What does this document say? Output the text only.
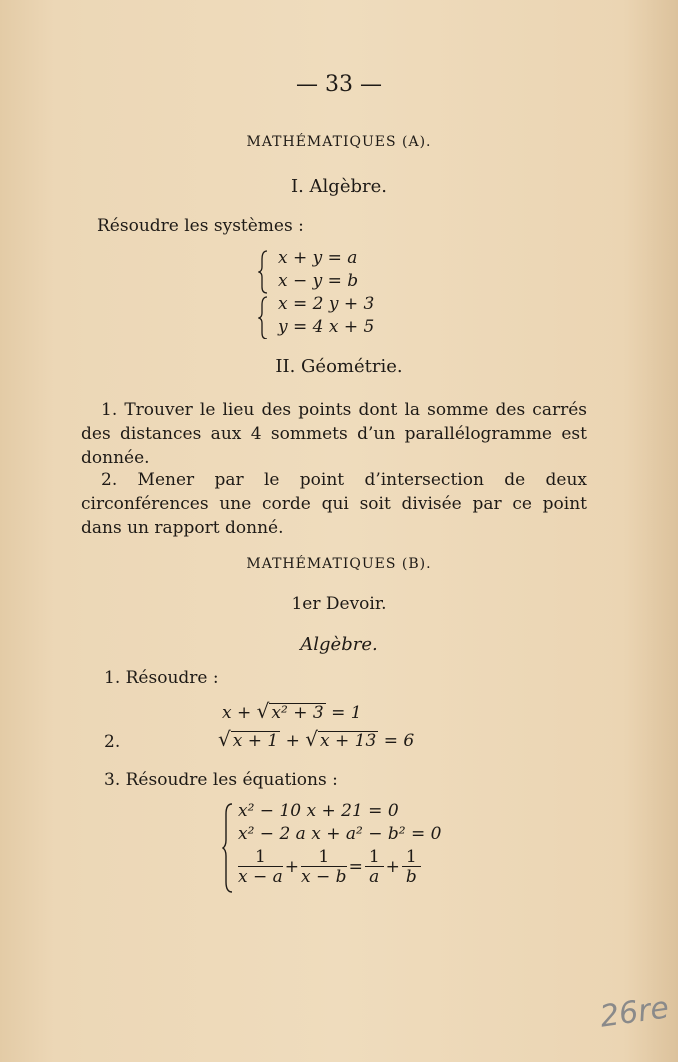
— 33 —
MATHÉMATIQUES (A).
I. Algèbre.
Résoudre les systèmes :
x + y = a
x − y = b
x = 2 y + 3
y = 4 x + 5
II. Géométrie.
1. Trouver le lieu des points dont la somme des carrés des distances aux 4 sommets d’un parallélogramme est donnée.
2. Mener par le point d’intersection de deux circonférences une corde qui soit divisée par ce point dans un rapport donné.
MATHÉMATIQUES (B).
1er Devoir.
Algèbre.
1. Résoudre :
x + √ x² + 3 = 1
2.	√ x + 1 + √ x + 13 = 6
3. Résoudre les équations :
x² − 10 x + 21 = 0
x² − 2 a x + a² − b² = 0
$\frac{1}{x - a} + \frac{1}{x - b} = \frac{1}{a} + \frac{1}{b}$
26re
